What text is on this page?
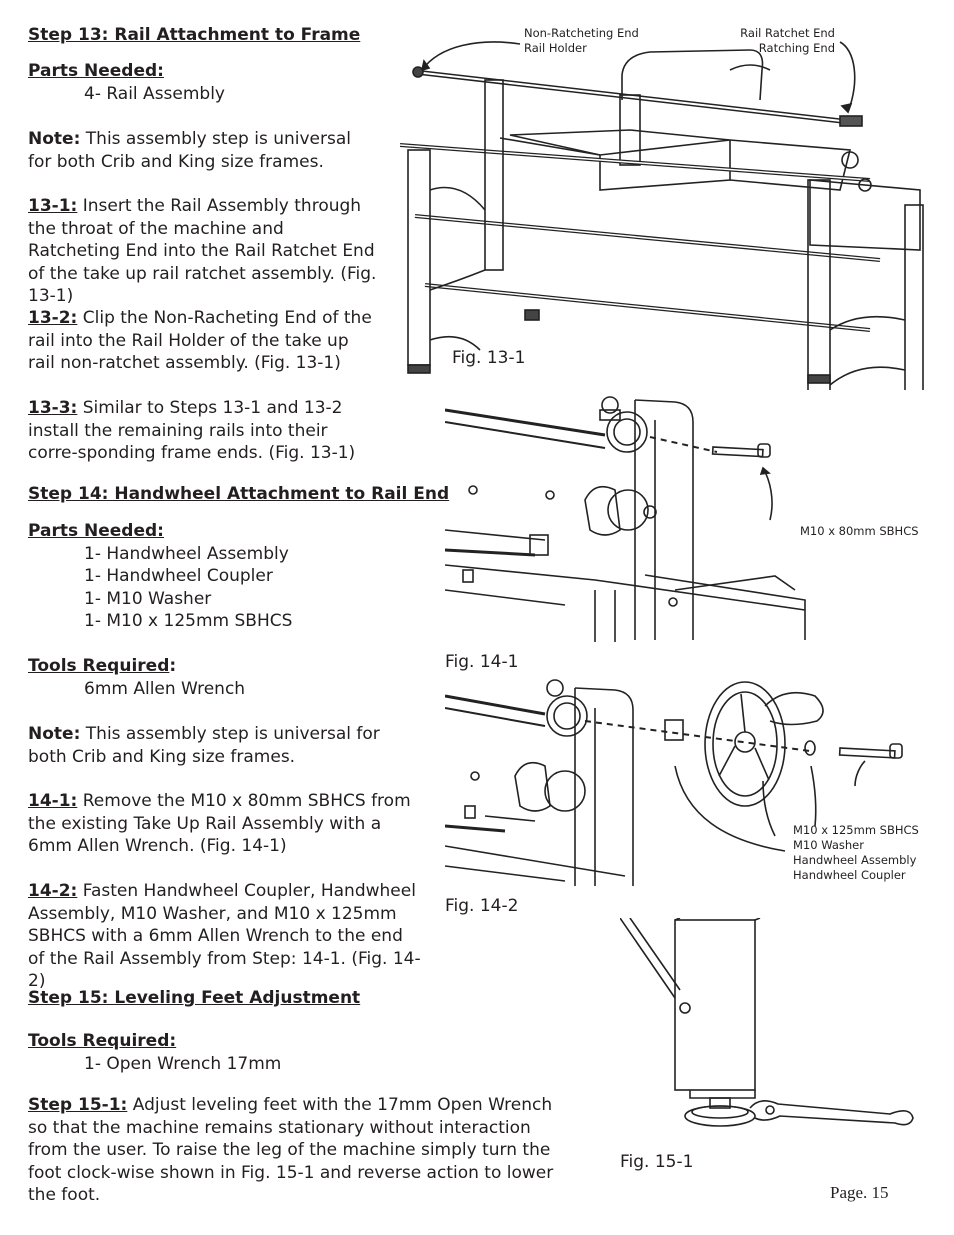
Step 13: Rail Attachment to Frame

Parts Needed:

4- Rail Assembly

Note: This assembly step is universal for both Crib and King size frames.
13-1: Insert the Rail Assembly through the throat of the machine and Ratcheting End into the Rail Ratchet End of the take up rail ratchet assembly. (Fig. 13-1)
13-2: Clip the Non-Racheting End of the rail into the Rail Holder of the take up rail non-ratchet assembly. (Fig. 13-1)
13-3: Similar to Steps 13-1 and 13-2 install the remaining rails into their corre-sponding frame ends. (Fig. 13-1)
Step 14: Handwheel Attachment to Rail End

Parts Needed:

1- Handwheel Assembly

1- Handwheel Coupler

1- M10 Washer

1- M10 x 125mm SBHCS

Tools Required:

6mm Allen Wrench

Note: This assembly step is universal for both Crib and King size frames.
14-1: Remove the M10 x 80mm SBHCS from the existing Take Up Rail Assembly with a 6mm Allen Wrench. (Fig. 14-1)
14-2: Fasten Handwheel Coupler, Handwheel Assembly, M10 Washer, and M10 x 125mm SBHCS with a 6mm Allen Wrench to the end of the Rail Assembly from Step: 14-1. (Fig. 14-2)
Step 15: Leveling Feet Adjustment

Tools Required:

1- Open Wrench 17mm

Step 15-1: Adjust leveling feet with the 17mm Open Wrench so that the machine remains stationary without interaction from the user. To raise the leg of the machine simply turn the foot clock-wise shown in Fig. 15-1 and reverse action to lower the foot.
Non-Ratcheting End
Rail Holder
Rail Ratchet End
Ratching End
Fig. 13-1
M10 x 80mm SBHCS
Fig. 14-1
M10 x 125mm SBHCS
M10 Washer
Handwheel Assembly
Handwheel Coupler
Fig. 14-2
Fig. 15-1
Page. 15
